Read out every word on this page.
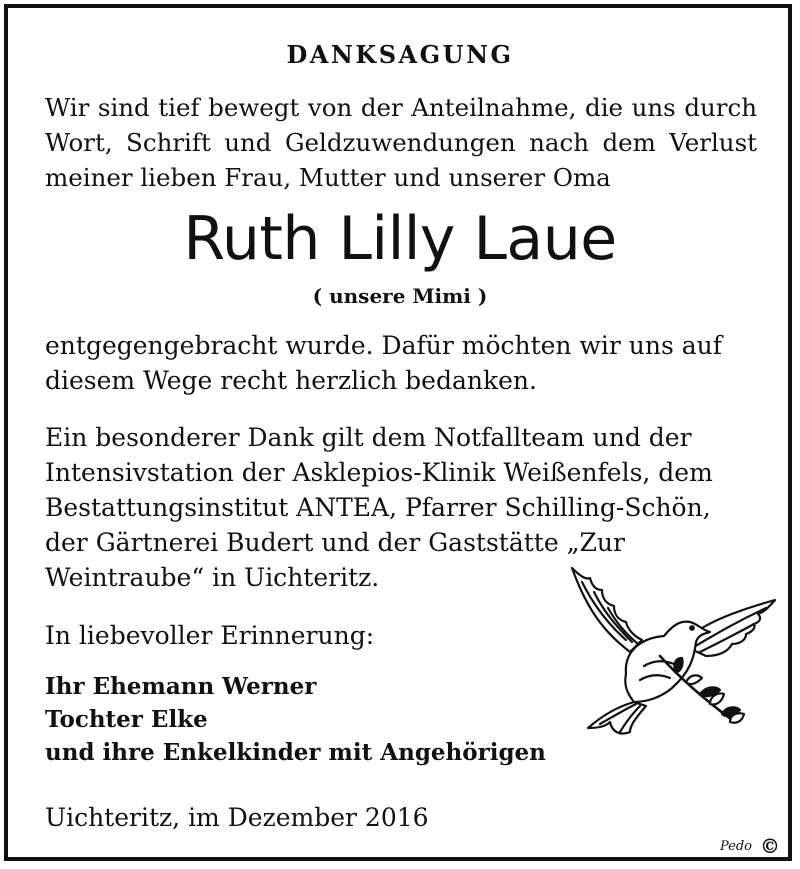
DANKSAGUNG

Wir sind tief bewegt von der Anteilnahme, die uns durch Wort, Schrift und Geldzuwendungen nach dem Verlust meiner lieben Frau, Mutter und unserer Oma

Ruth Lilly Laue
( unsere Mimi )

entgegengebracht wurde. Dafür möchten wir uns auf diesem Wege recht herzlich bedanken.

Ein besonderer Dank gilt dem Notfallteam und der Intensivstation der Asklepios-Klinik Weißenfels, dem Bestattungsinstitut ANTEA, Pfarrer Schilling-Schön, der Gärtnerei Budert und der Gaststätte „Zur Weintraube“ in Uichteritz.

In liebevoller Erinnerung:

Ihr Ehemann Werner
Tochter Elke
und ihre Enkelkinder mit Angehörigen
Uichteritz, im Dezember 2016
Pedo ©
